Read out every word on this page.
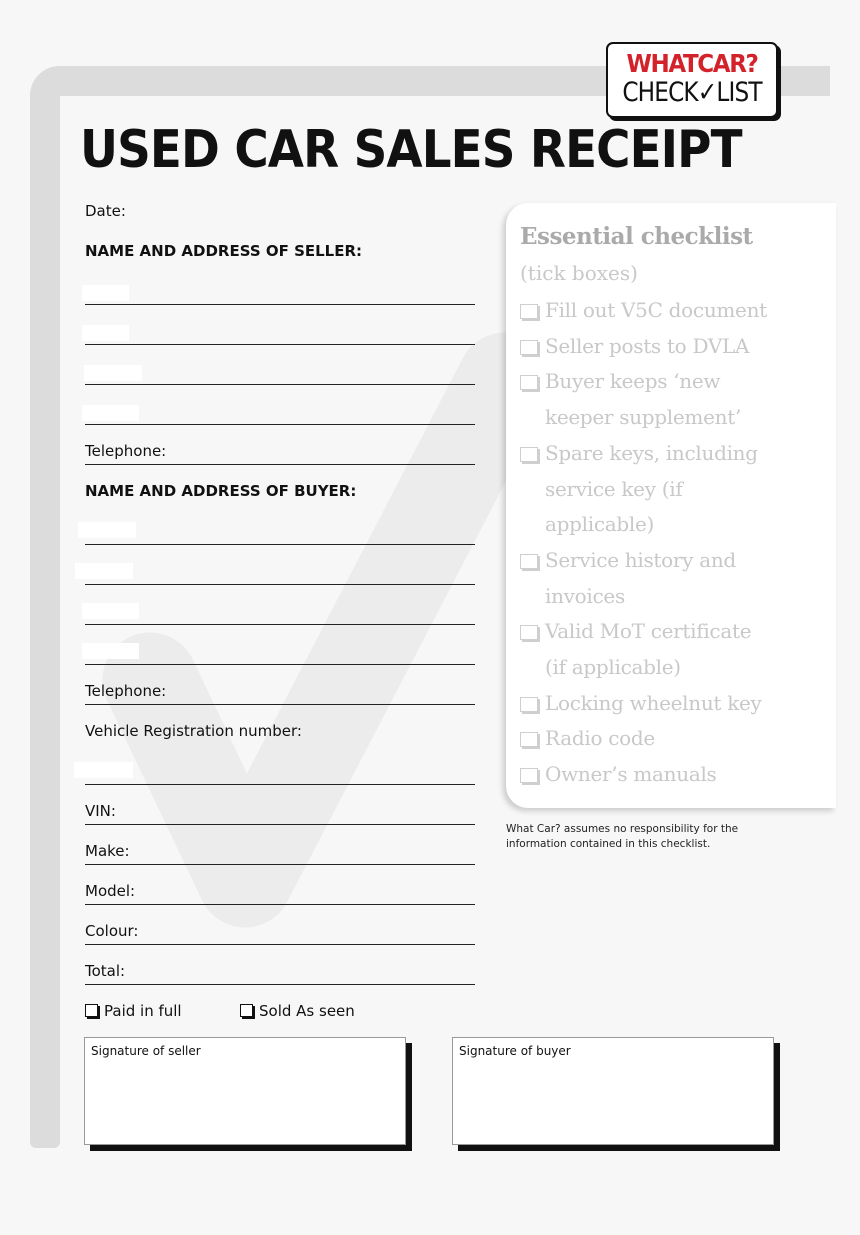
WHATCAR?
CHECK✓LIST
USED CAR SALES RECEIPT
Date:
NAME AND ADDRESS OF SELLER:
Telephone:
NAME AND ADDRESS OF BUYER:
Telephone:
Vehicle Registration number:
VIN:
Make:
Model:
Colour:
Total:
Paid in full	Sold As seen
Essential checklist
(tick boxes)
Fill out V5C document
Seller posts to DVLA
Buyer keeps ‘new keeper supplement’
Spare keys, including service key (if applicable)
Service history and invoices
Valid MoT certificate (if applicable)
Locking wheelnut key
Radio code
Owner’s manuals
What Car? assumes no responsibility for the information contained in this checklist.
Signature of seller	Signature of buyer
